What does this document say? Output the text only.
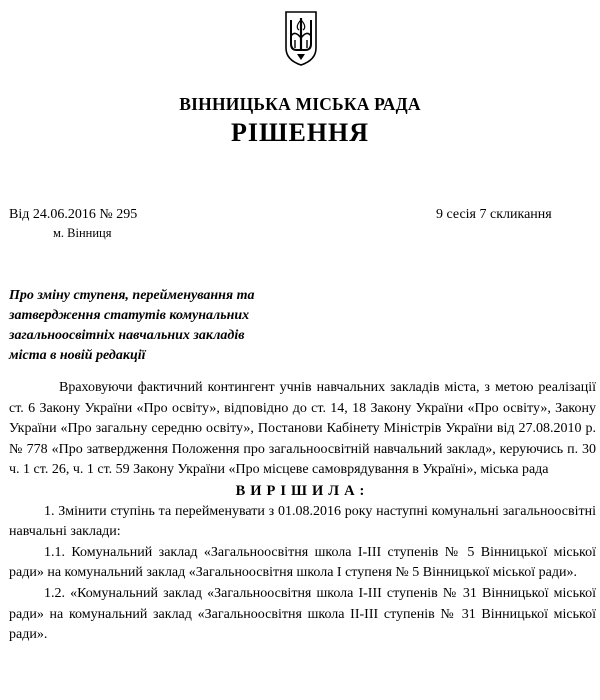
ВІННИЦЬКА МІСЬКА РАДА
РІШЕННЯ
Від 24.06.2016 № 295
м. Вінниця
9 сесія 7 скликання
Про зміну ступеня, перейменування та
затвердження статутів комунальних
загальноосвітніх навчальних закладів
міста в новій редакції

Враховуючи фактичний контингент учнів навчальних закладів міста, з метою реалізації ст. 6 Закону України «Про освіту», відповідно до ст. 14, 18 Закону України «Про освіту», Закону України «Про загальну середню освіту», Постанови Кабінету Міністрів України від 27.08.2010 р. № 778 «Про затвердження Положення про загальноосвітній навчальний заклад», керуючись п. 30 ч. 1 ст. 26, ч. 1 ст. 59 Закону України «Про місцеве самоврядування в Україні», міська рада

ВИРІШИЛА:

1. Змінити ступінь та перейменувати з 01.08.2016 року наступні комунальні загальноосвітні навчальні заклади:

1.1. Комунальний заклад «Загальноосвітня школа І-ІІІ ступенів № 5 Вінницької міської ради» на комунальний заклад «Загальноосвітня школа І ступеня № 5 Вінницької міської ради».

1.2. «Комунальний заклад «Загальноосвітня школа І-ІІІ ступенів № 31 Вінницької міської ради» на комунальний заклад «Загальноосвітня школа ІІ-ІІІ ступенів № 31 Вінницької міської ради».
